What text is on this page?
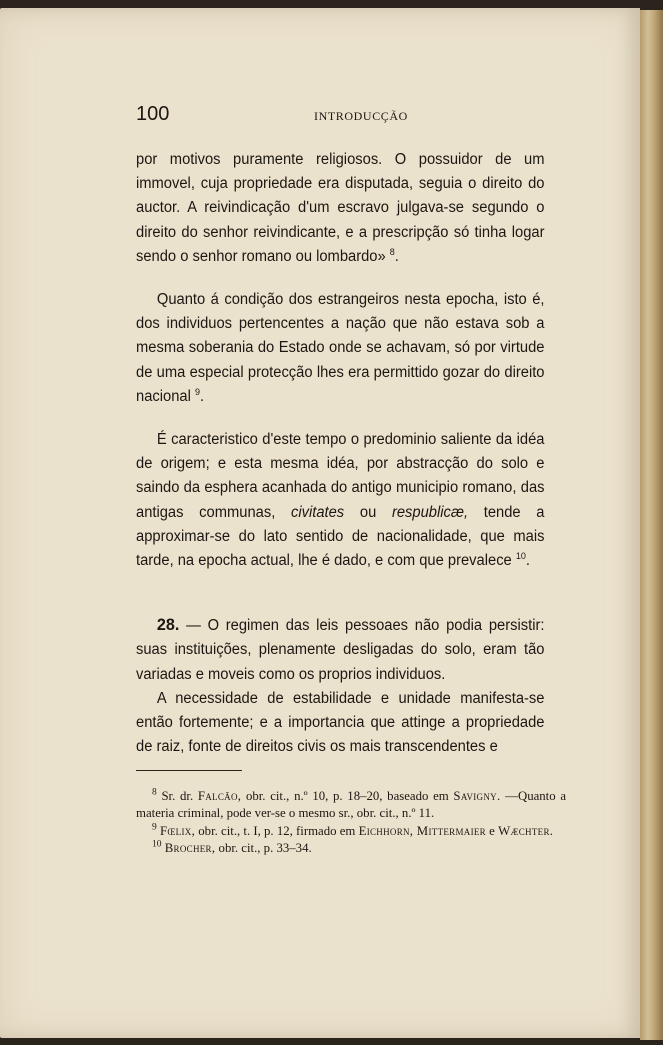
100	INTRODUCÇÃO

por motivos puramente religiosos. O possuidor de um immovel, cuja propriedade era disputada, seguia o direito do auctor. A reivindicação d'um escravo julgava-se segundo o direito do senhor reivindicante, e a prescripção só tinha logar sendo o senhor romano ou lombardo» $^8$.

Quanto á condição dos estrangeiros nesta epocha, isto é, dos individuos pertencentes a nação que não estava sob a mesma soberania do Estado onde se achavam, só por virtude de uma especial protecção lhes era permittido gozar do direito nacional $^9$.

É caracteristico d'este tempo o predominio saliente da idéa de origem; e esta mesma idéa, por abstracção do solo e saindo da esphera acanhada do antigo municipio romano, das antigas communas, civitates ou respublicæ, tende a approximar-se do lato sentido de nacionalidade, que mais tarde, na epocha actual, lhe é dado, e com que prevalece $^{10}$.

28. — O regimen das leis pessoaes não podia persistir: suas instituições, plenamente desligadas do solo, eram tão variadas e moveis como os proprios individuos.

A necessidade de estabilidade e unidade manifesta-se então fortemente; e a importancia que attinge a propriedade de raiz, fonte de direitos civis os mais transcendentes e

$^8$ Sr. dr. Falcão, obr. cit., n.º 10, p. 18–20, baseado em Savigny. —Quanto a materia criminal, pode ver-se o mesmo sr., obr. cit., n.º 11.

$^9$ Fœlix, obr. cit., t. I, p. 12, firmado em Eichhorn, Mittermaier e Wæchter.

$^{10}$ Brocher, obr. cit., p. 33–34.
